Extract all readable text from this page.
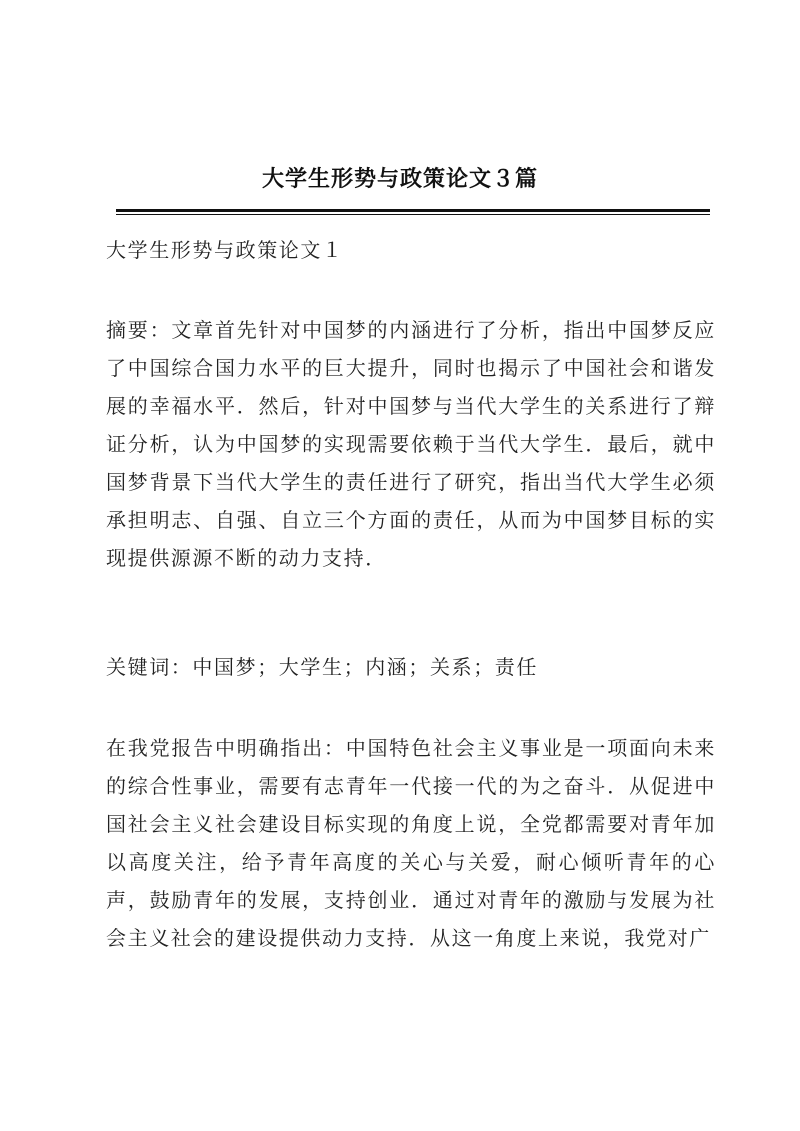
大学生形势与政策论文３篇

大学生形势与政策论文１

摘要：文章首先针对中国梦的内涵进行了分析，指出中国梦反应了中国综合国力水平的巨大提升，同时也揭示了中国社会和谐发展的幸福水平．然后，针对中国梦与当代大学生的关系进行了辩证分析，认为中国梦的实现需要依赖于当代大学生．最后，就中国梦背景下当代大学生的责任进行了研究，指出当代大学生必须承担明志、自强、自立三个方面的责任，从而为中国梦目标的实现提供源源不断的动力支持．

关键词：中国梦；大学生；内涵；关系；责任

在我党报告中明确指出：中国特色社会主义事业是一项面向未来的综合性事业，需要有志青年一代接一代的为之奋斗．从促进中国社会主义社会建设目标实现的角度上说，全党都需要对青年加以高度关注，给予青年高度的关心与关爱，耐心倾听青年的心声，鼓励青年的发展，支持创业．通过对青年的激励与发展为社会主义社会的建设提供动力支持．从这一角度上来说，我党对广
